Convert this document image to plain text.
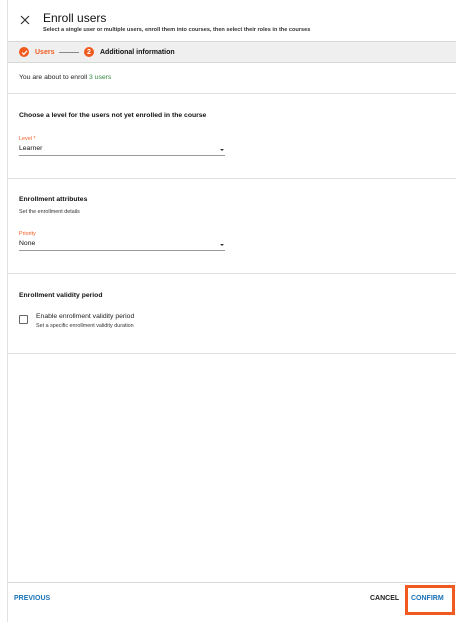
Enroll users
Select a single user or multiple users, enroll them into courses, then select their roles in the courses
Users	2	Additional information
You are about to enroll 3 users
Choose a level for the users not yet enrolled in the course
Level *
Learner
Enrollment attributes
Set the enrollment details
Priority
None
Enrollment validity period
Enable enrollment validity period
Set a specific enrollment validity duration
PREVIOUS	CANCEL CONFIRM
